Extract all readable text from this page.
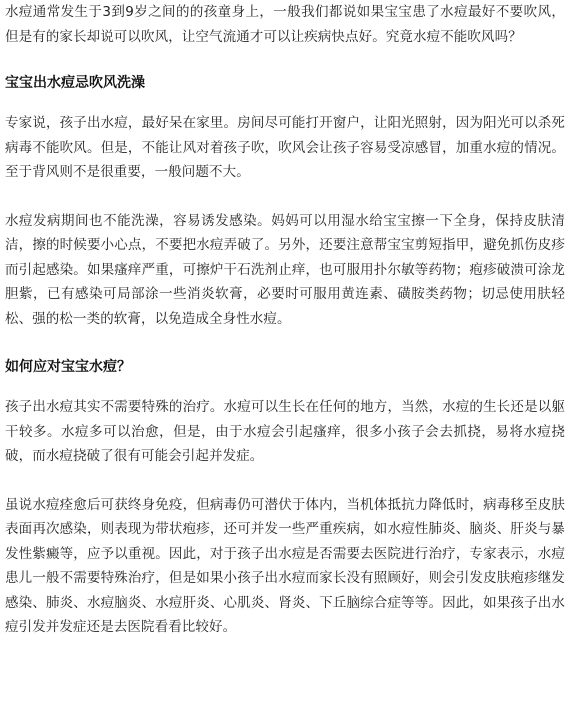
水痘通常发生于3到9岁之间的的孩童身上，一般我们都说如果宝宝患了水痘最好不要吹风，但是有的家长却说可以吹风，让空气流通才可以让疾病快点好。究竟水痘不能吹风吗？

宝宝出水痘忌吹风洗澡

专家说，孩子出水痘，最好呆在家里。房间尽可能打开窗户，让阳光照射，因为阳光可以杀死病毒不能吹风。但是，不能让风对着孩子吹，吹风会让孩子容易受凉感冒，加重水痘的情况。至于背风则不是很重要，一般问题不大。

水痘发病期间也不能洗澡，容易诱发感染。妈妈可以用湿水给宝宝擦一下全身，保持皮肤清洁，擦的时候要小心点，不要把水痘弄破了。另外，还要注意帮宝宝剪短指甲，避免抓伤皮疹而引起感染。如果瘙痒严重，可擦炉干石洗剂止痒，也可服用扑尔敏等药物；疱疹破溃可涂龙胆紫，已有感染可局部涂一些消炎软膏，必要时可服用黄连素、磺胺类药物；切忌使用肤轻松、强的松一类的软膏，以免造成全身性水痘。

如何应对宝宝水痘？

孩子出水痘其实不需要特殊的治疗。水痘可以生长在任何的地方，当然，水痘的生长还是以躯干较多。水痘多可以治愈，但是，由于水痘会引起瘙痒，很多小孩子会去抓挠，易将水痘挠破，而水痘挠破了很有可能会引起并发症。

虽说水痘痊愈后可获终身免疫，但病毒仍可潜伏于体内，当机体抵抗力降低时，病毒移至皮肤表面再次感染，则表现为带状疱疹，还可并发一些严重疾病，如水痘性肺炎、脑炎、肝炎与暴发性紫癜等，应予以重视。因此，对于孩子出水痘是否需要去医院进行治疗，专家表示，水痘患儿一般不需要特殊治疗，但是如果小孩子出水痘而家长没有照顾好，则会引发皮肤疱疹继发感染、肺炎、水痘脑炎、水痘肝炎、心肌炎、肾炎、下丘脑综合症等等。因此，如果孩子出水痘引发并发症还是去医院看看比较好。
